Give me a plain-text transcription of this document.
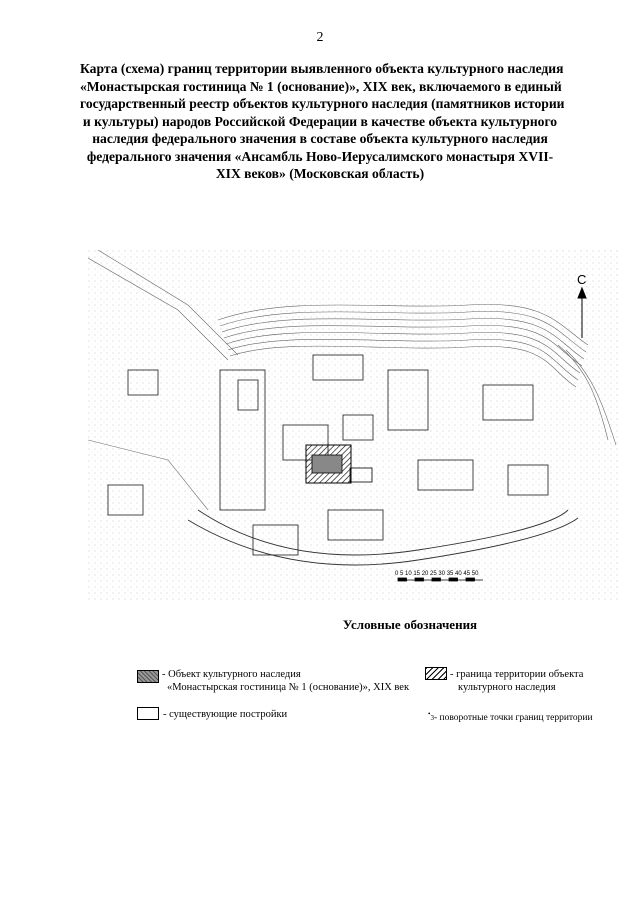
2
Карта (схема) границ территории выявленного объекта культурного наследия
«Монастырская гостиница № 1 (основание)», XIX век, включаемого в единый
государственный реестр объектов культурного наследия (памятников истории
и культуры) народов Российской Федерации в качестве объекта культурного
наследия федерального значения в составе объекта культурного наследия
федерального значения «Ансамбль Ново-Иерусалимского монастыря XVII-
XIX веков» (Московская область)
С
0 5 10 15 20 25 30 35 40 45 50
Условные обозначения
- Объект культурного наследия
«Монастырская гостиница № 1 (основание)», XIX век
- граница территории объекта
культурного наследия
- существующие постройки	•3- поворотные точки границ территории
